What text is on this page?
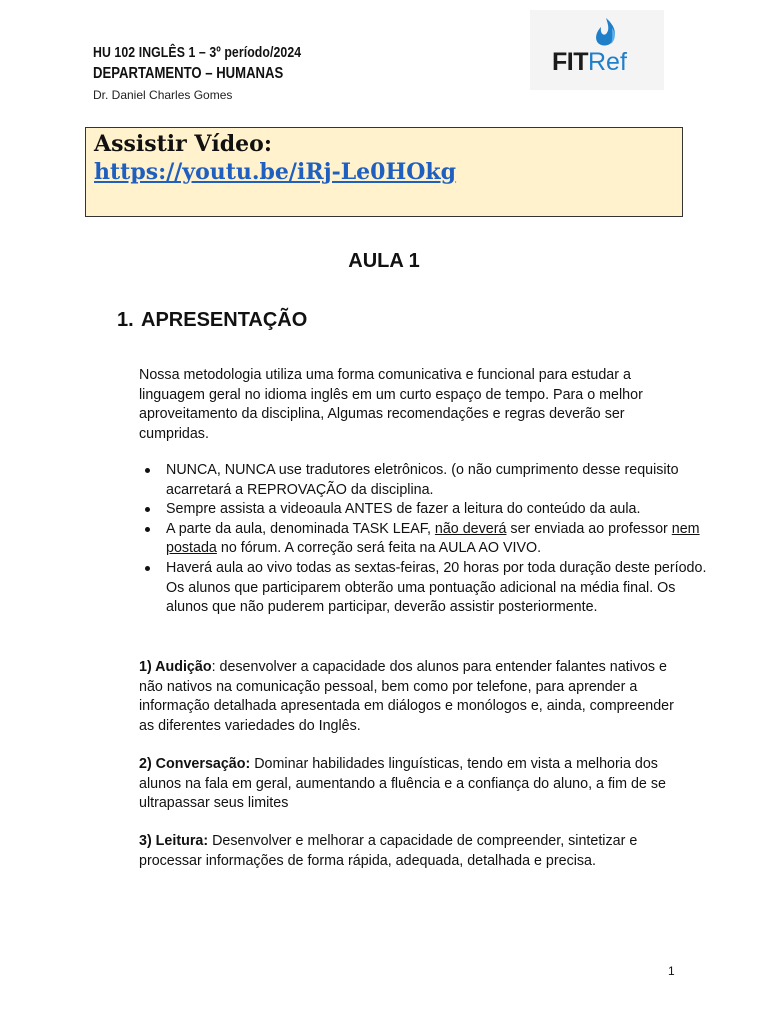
HU 102 INGLÊS 1 – 3º período/2024
DEPARTAMENTO – HUMANAS
Dr. Daniel Charles Gomes
FITRef
Assistir Vídeo:
https://youtu.be/iRj-Le0HOkg
AULA 1
1. APRESENTAÇÃO
Nossa metodologia utiliza uma forma comunicativa e funcional para estudar a linguagem geral no idioma inglês em um curto espaço de tempo. Para o melhor aproveitamento da disciplina, Algumas recomendações e regras deverão ser cumpridas.
NUNCA, NUNCA use tradutores eletrônicos. (o não cumprimento desse requisito acarretará a REPROVAÇÃO da disciplina.
Sempre assista a videoaula ANTES de fazer a leitura do conteúdo da aula.
A parte da aula, denominada TASK LEAF, não deverá ser enviada ao professor nem postada no fórum. A correção será feita na AULA AO VIVO.
Haverá aula ao vivo todas as sextas-feiras, 20 horas por toda duração deste período. Os alunos que participarem obterão uma pontuação adicional na média final. Os alunos que não puderem participar, deverão assistir posteriormente.
1) Audição: desenvolver a capacidade dos alunos para entender falantes nativos e não nativos na comunicação pessoal, bem como por telefone, para aprender a informação detalhada apresentada em diálogos e monólogos e, ainda, compreender as diferentes variedades do Inglês.
2) Conversação: Dominar habilidades linguísticas, tendo em vista a melhoria dos alunos na fala em geral, aumentando a fluência e a confiança do aluno, a fim de se ultrapassar seus limites
3) Leitura: Desenvolver e melhorar a capacidade de compreender, sintetizar e processar informações de forma rápida, adequada, detalhada e precisa.
1
